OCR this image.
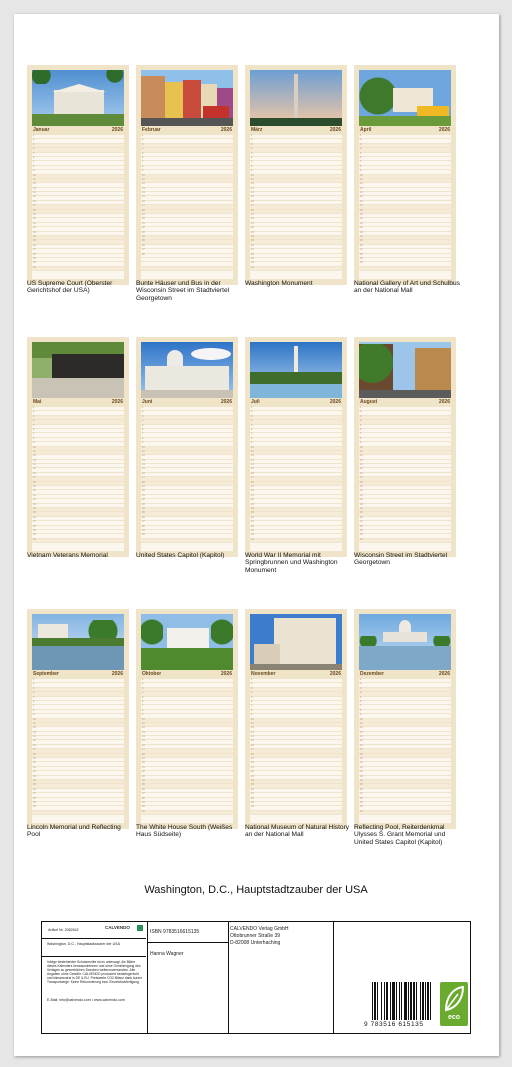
Januar	2026
1
2
3
4
5
6
7
8
9
10
11
12
13
14
15
16
17
18
19
20
21
22
23
24
25
26
27
28
29
30
31
US Supreme Court (Oberster Gerichtshof der USA)
Februar	2026
1
2
3
4
5
6
7
8
9
10
11
12
13
14
15
16
17
18
19
20
21
22
23
24
25
26
27
28
Bunte Häuser und Bus in der Wisconsin Street im Stadtviertel Georgetown
März	2026
1
2
3
4
5
6
7
8
9
10
11
12
13
14
15
16
17
18
19
20
21
22
23
24
25
26
27
28
29
30
31
Washington Monument
April	2026
1
2
3
4
5
6
7
8
9
10
11
12
13
14
15
16
17
18
19
20
21
22
23
24
25
26
27
28
29
30
National Gallery of Art und Schulbus an der National Mall
Mai	2026
1
2
3
4
5
6
7
8
9
10
11
12
13
14
15
16
17
18
19
20
21
22
23
24
25
26
27
28
29
30
31
Vietnam Veterans Memorial
Juni	2026
1
2
3
4
5
6
7
8
9
10
11
12
13
14
15
16
17
18
19
20
21
22
23
24
25
26
27
28
29
30
United States Capitol (Kapitol)
Juli	2026
1
2
3
4
5
6
7
8
9
10
11
12
13
14
15
16
17
18
19
20
21
22
23
24
25
26
27
28
29
30
31
World War II Memorial mit Springbrunnen und Washington Monument
August	2026
1
2
3
4
5
6
7
8
9
10
11
12
13
14
15
16
17
18
19
20
21
22
23
24
25
26
27
28
29
30
31
Wisconsin Street im Stadtviertel Georgetown
September	2026
1
2
3
4
5
6
7
8
9
10
11
12
13
14
15
16
17
18
19
20
21
22
23
24
25
26
27
28
29
30
Lincoln Memorial und Reflecting Pool
Oktober	2026
1
2
3
4
5
6
7
8
9
10
11
12
13
14
15
16
17
18
19
20
21
22
23
24
25
26
27
28
29
30
31
The White House South (Weißes Haus Südseite)
November	2026
1
2
3
4
5
6
7
8
9
10
11
12
13
14
15
16
17
18
19
20
21
22
23
24
25
26
27
28
29
30
National Museum of Natural History an der National Mall
Dezember	2026
1
2
3
4
5
6
7
8
9
10
11
12
13
14
15
16
17
18
19
20
21
22
23
24
25
26
27
28
29
30
31
Reflecting Pool, Reiterdenkmal Ulysses S. Grant Memorial und United States Capitol (Kapitol)
Washington, D.C., Hauptstadtzauber der USA
Artikel Nr. 2082642	CALVENDO
Washington, D.C., Hauptstadtzauber der USA
Infolge bestehender Schutzrechte ist es untersagt, die Bilder dieses Kalenders herauszutrennen und ohne Genehmigung des Verlages zu gewerblichen Zwecken weiterzuverwenden. Alle Angaben ohne Gewähr. CALVENDO produziert bedarfsgerecht und klimaneutral in DE & EU. Preiswerte CO2-Bilanz dank kurzer Transportwege. Keine Retournierung bzw. Einzelstückfertigung.
E-Mail: info@calvendo.com • www.calvendo.com
ISBN 9783516615135
Hanna Wagner
CALVENDO Verlag GmbH
Ottobrunner Straße 39
D-82008 Unterhaching
9 783516 615135
eco
